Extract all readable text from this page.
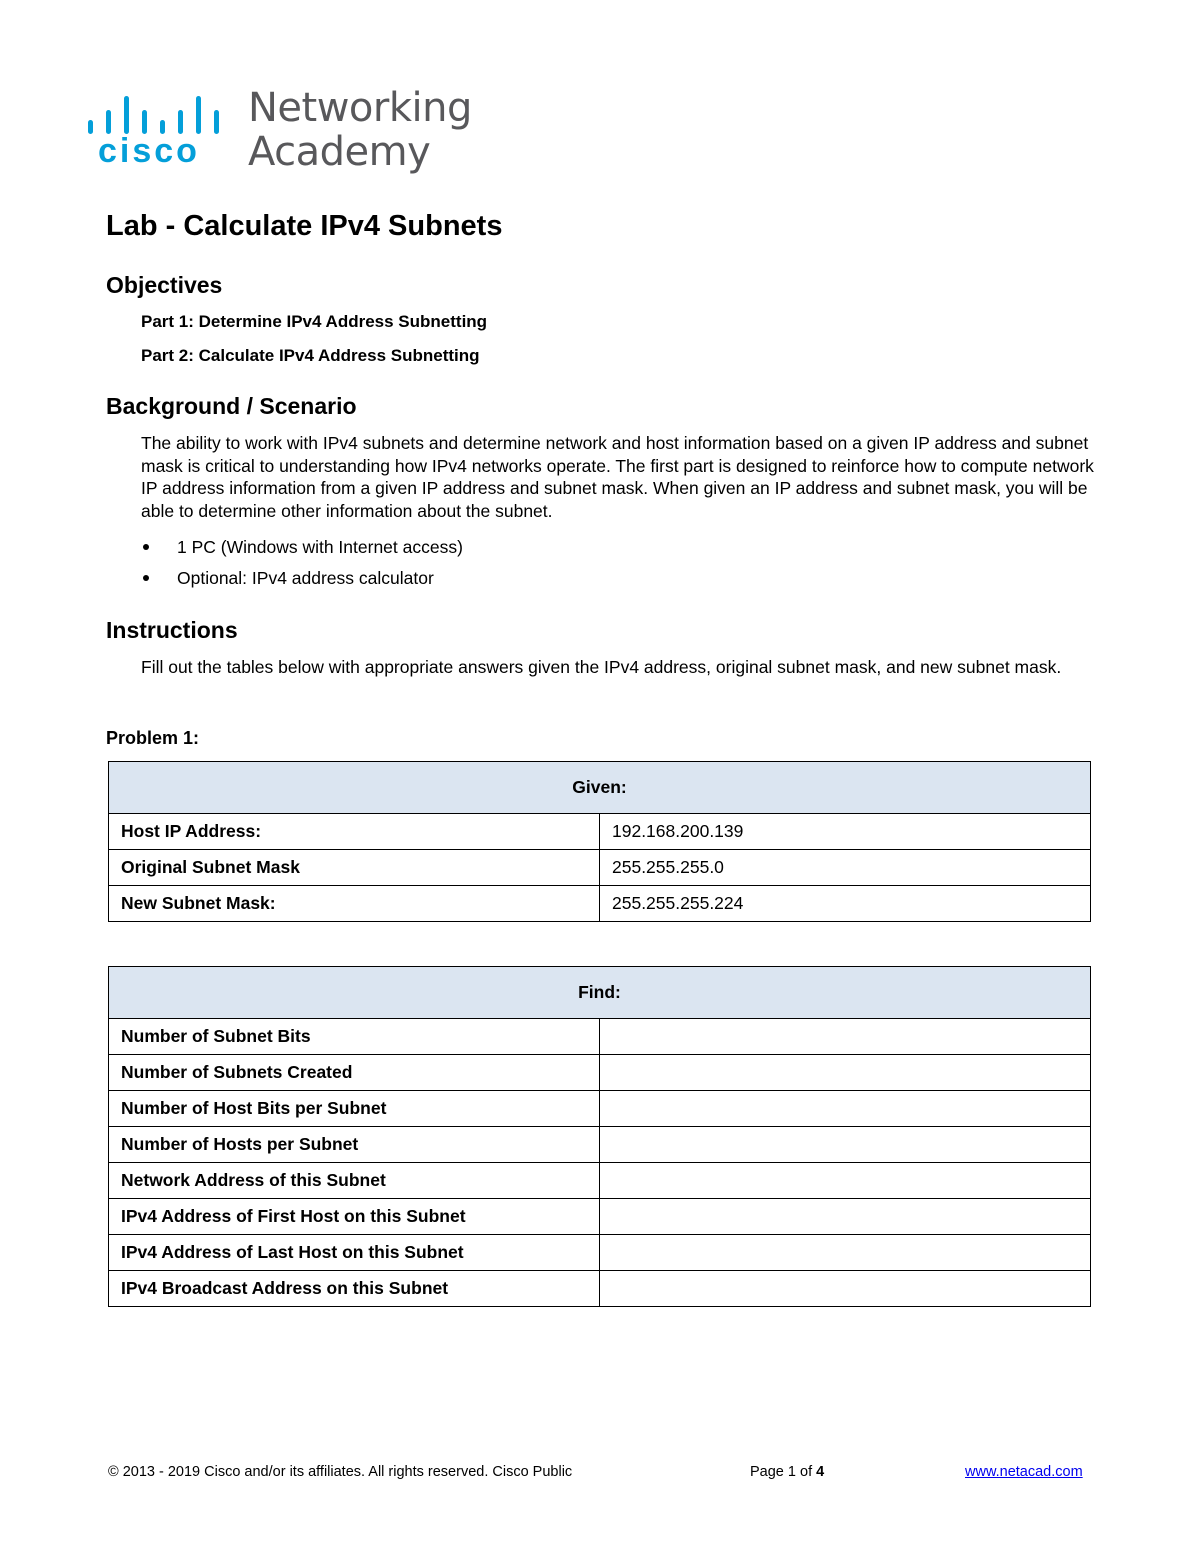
cisco
Networking
Academy
Lab - Calculate IPv4 Subnets
Objectives

Part 1: Determine IPv4 Address Subnetting

Part 2: Calculate IPv4 Address Subnetting

Background / Scenario

The ability to work with IPv4 subnets and determine network and host information based on a given IP address and subnet mask is critical to understanding how IPv4 networks operate. The first part is designed to reinforce how to compute network IP address information from a given IP address and subnet mask. When given an IP address and subnet mask, you will be able to determine other information about the subnet.

1 PC (Windows with Internet access)
Optional: IPv4 address calculator
Instructions

Fill out the tables below with appropriate answers given the IPv4 address, original subnet mask, and new subnet mask.

Problem 1:

Given:	
Host IP Address:	192.168.200.139
Original Subnet Mask	255.255.255.0
New Subnet Mask:	255.255.255.224
Find:	
Number of Subnet Bits	
Number of Subnets Created	
Number of Host Bits per Subnet	
Number of Hosts per Subnet	
Network Address of this Subnet	
IPv4 Address of First Host on this Subnet	
IPv4 Address of Last Host on this Subnet	
IPv4 Broadcast Address on this Subnet	
© 2013 - 2019 Cisco and/or its affiliates. All rights reserved. Cisco Public	Page 1 of 4	www.netacad.com
